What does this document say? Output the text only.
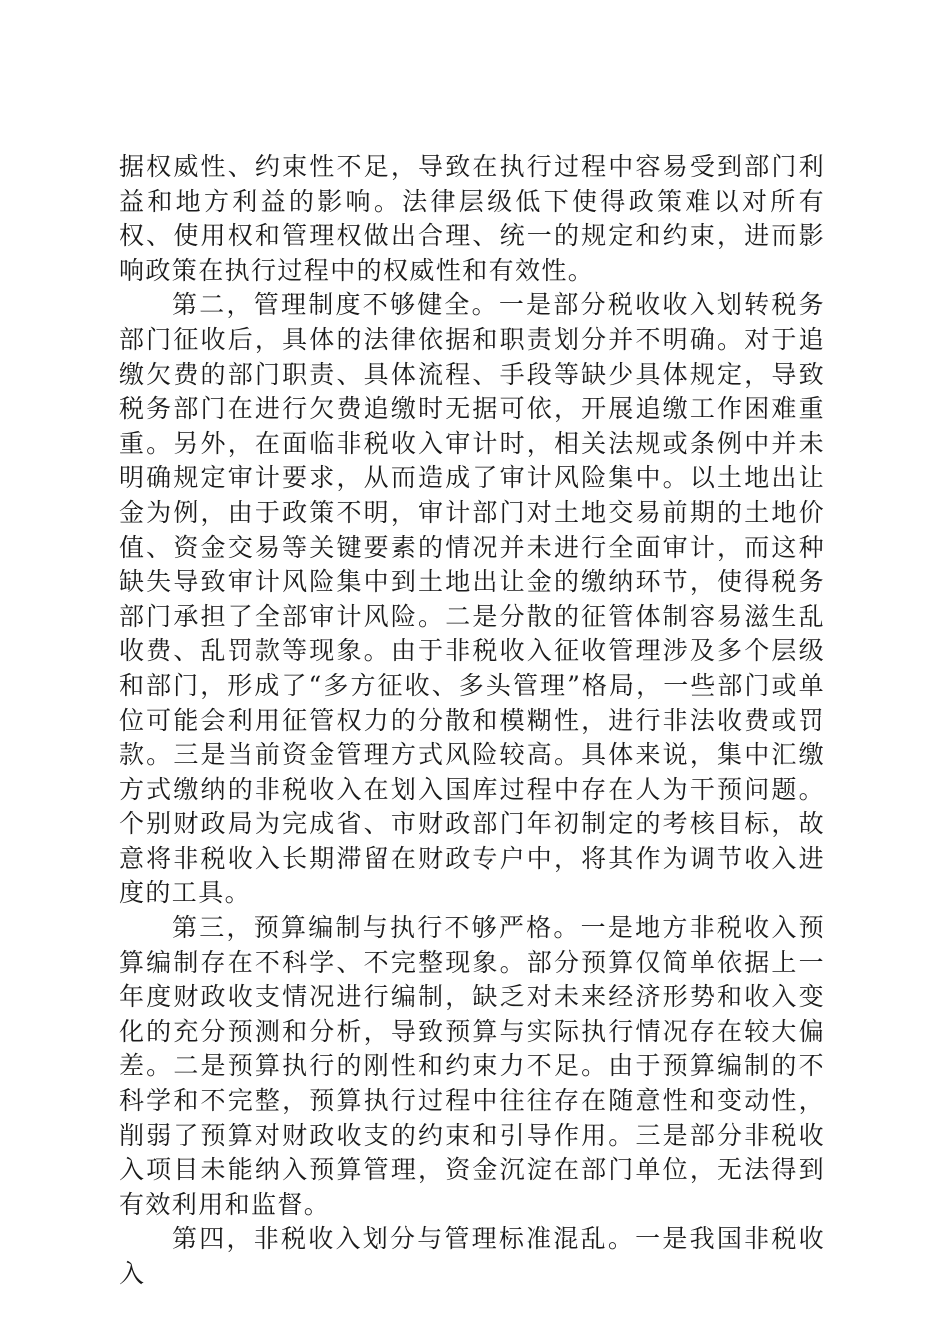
据权威性、约束性不足，导致在执行过程中容易受到部门利益和地方利益的影响。法律层级低下使得政策难以对所有权、使用权和管理权做出合理、统一的规定和约束，进而影响政策在执行过程中的权威性和有效性。

第二，管理制度不够健全。一是部分税收收入划转税务部门征收后，具体的法律依据和职责划分并不明确。对于追缴欠费的部门职责、具体流程、手段等缺少具体规定，导致税务部门在进行欠费追缴时无据可依，开展追缴工作困难重重。另外，在面临非税收入审计时，相关法规或条例中并未明确规定审计要求，从而造成了审计风险集中。以土地出让金为例，由于政策不明，审计部门对土地交易前期的土地价值、资金交易等关键要素的情况并未进行全面审计，而这种缺失导致审计风险集中到土地出让金的缴纳环节，使得税务部门承担了全部审计风险。二是分散的征管体制容易滋生乱收费、乱罚款等现象。由于非税收入征收管理涉及多个层级和部门，形成了“多方征收、多头管理”格局，一些部门或单位可能会利用征管权力的分散和模糊性，进行非法收费或罚款。三是当前资金管理方式风险较高。具体来说，集中汇缴方式缴纳的非税收入在划入国库过程中存在人为干预问题。个别财政局为完成省、市财政部门年初制定的考核目标，故意将非税收入长期滞留在财政专户中，将其作为调节收入进度的工具。

第三，预算编制与执行不够严格。一是地方非税收入预算编制存在不科学、不完整现象。部分预算仅简单依据上一年度财政收支情况进行编制，缺乏对未来经济形势和收入变化的充分预测和分析，导致预算与实际执行情况存在较大偏差。二是预算执行的刚性和约束力不足。由于预算编制的不科学和不完整，预算执行过程中往往存在随意性和变动性，削弱了预算对财政收支的约束和引导作用。三是部分非税收入项目未能纳入预算管理，资金沉淀在部门单位，无法得到有效利用和监督。

第四，非税收入划分与管理标准混乱。一是我国非税收入
